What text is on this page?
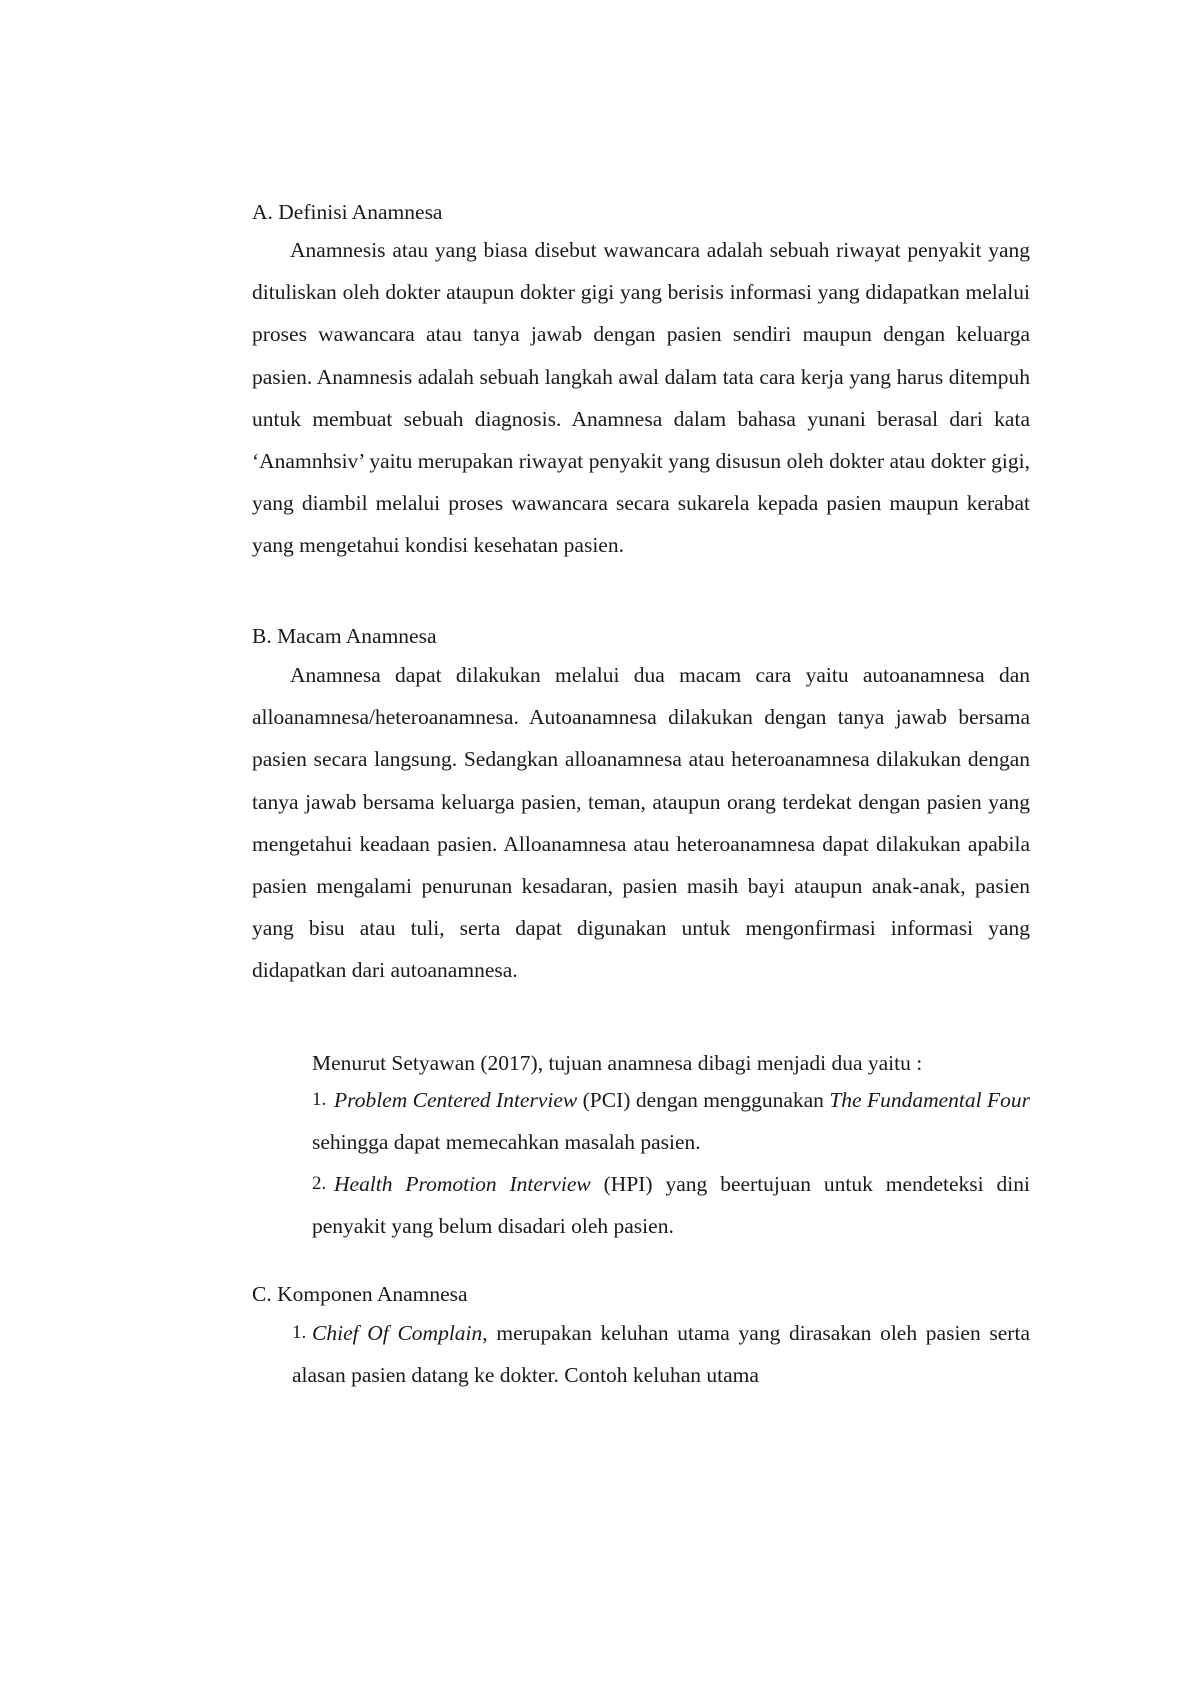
A. Definisi Anamnesa
Anamnesis atau yang biasa disebut wawancara adalah sebuah riwayat penyakit yang dituliskan oleh dokter ataupun dokter gigi yang berisis informasi yang didapatkan melalui proses wawancara atau tanya jawab dengan pasien sendiri maupun dengan keluarga pasien. Anamnesis adalah sebuah langkah awal dalam tata cara kerja yang harus ditempuh untuk membuat sebuah diagnosis. Anamnesa dalam bahasa yunani berasal dari kata ‘Anamnhsiv’ yaitu merupakan riwayat penyakit yang disusun oleh dokter atau dokter gigi, yang diambil melalui proses wawancara secara sukarela kepada pasien maupun kerabat yang mengetahui kondisi kesehatan pasien.
B. Macam Anamnesa
Anamnesa dapat dilakukan melalui dua macam cara yaitu autoanamnesa dan alloanamnesa/heteroanamnesa. Autoanamnesa dilakukan dengan tanya jawab bersama pasien secara langsung. Sedangkan alloanamnesa atau heteroanamnesa dilakukan dengan tanya jawab bersama keluarga pasien, teman, ataupun orang terdekat dengan pasien yang mengetahui keadaan pasien. Alloanamnesa atau heteroanamnesa dapat dilakukan apabila pasien mengalami penurunan kesadaran, pasien masih bayi ataupun anak-anak, pasien yang bisu atau tuli, serta dapat digunakan untuk mengonfirmasi informasi yang didapatkan dari autoanamnesa.
Menurut Setyawan (2017), tujuan anamnesa dibagi menjadi dua yaitu :
1. Problem Centered Interview (PCI) dengan menggunakan The Fundamental Four sehingga dapat memecahkan masalah pasien.
2. Health Promotion Interview (HPI) yang beertujuan untuk mendeteksi dini penyakit yang belum disadari oleh pasien.
C. Komponen Anamnesa
1. Chief Of Complain, merupakan keluhan utama yang dirasakan oleh pasien serta alasan pasien datang ke dokter. Contoh keluhan utama
